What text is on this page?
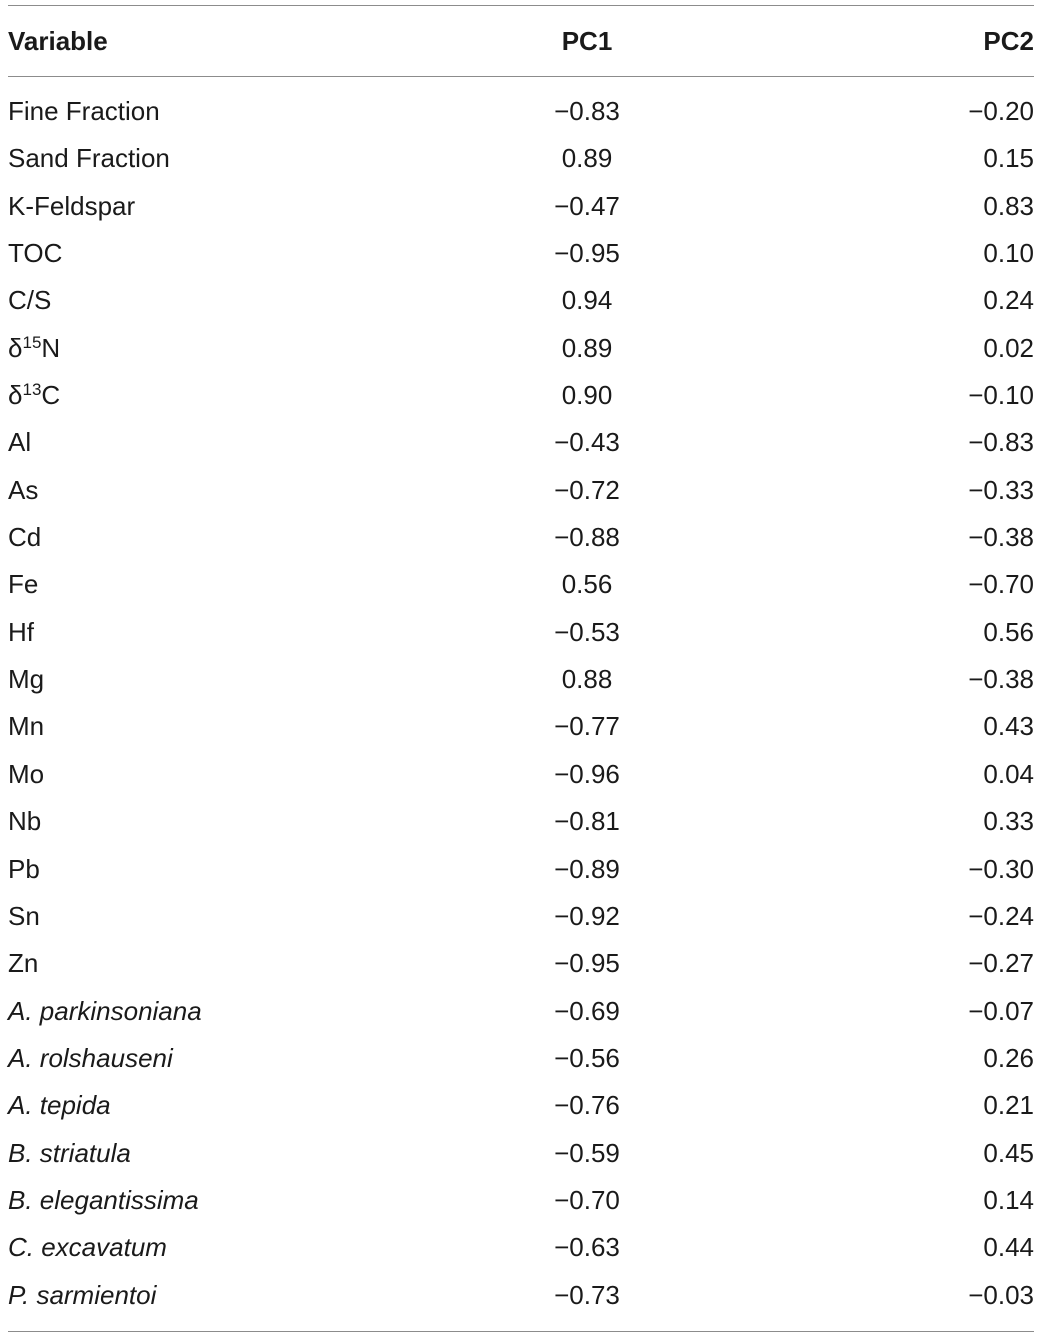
Variable	PC1	PC2
Fine Fraction	−0.83	−0.20
Sand Fraction	0.89	0.15
K-Feldspar	−0.47	0.83
TOC	−0.95	0.10
C/S	0.94	0.24
$\delta^{15}N$	0.89	0.02
$\delta^{13}C$	0.90	−0.10
Al	−0.43	−0.83
As	−0.72	−0.33
Cd	−0.88	−0.38
Fe	0.56	−0.70
Hf	−0.53	0.56
Mg	0.88	−0.38
Mn	−0.77	0.43
Mo	−0.96	0.04
Nb	−0.81	0.33
Pb	−0.89	−0.30
Sn	−0.92	−0.24
Zn	−0.95	−0.27
A. parkinsoniana	−0.69	−0.07
A. rolshauseni	−0.56	0.26
A. tepida	−0.76	0.21
B. striatula	−0.59	0.45
B. elegantissima	−0.70	0.14
C. excavatum	−0.63	0.44
P. sarmientoi	−0.73	−0.03
